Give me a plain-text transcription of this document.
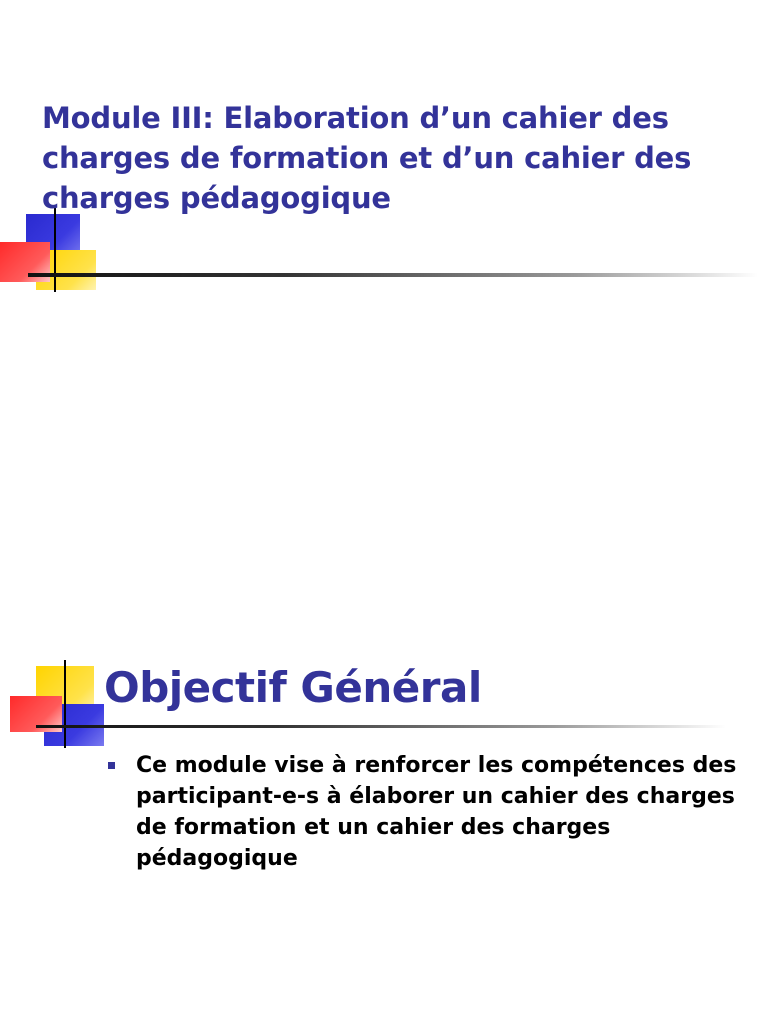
Module III: Elaboration d’un cahier des charges de formation et d’un cahier des charges pédagogique
Objectif Général
Ce module vise à renforcer les compétences des participant-e-s à élaborer un cahier des charges de formation et un cahier des charges pédagogique
